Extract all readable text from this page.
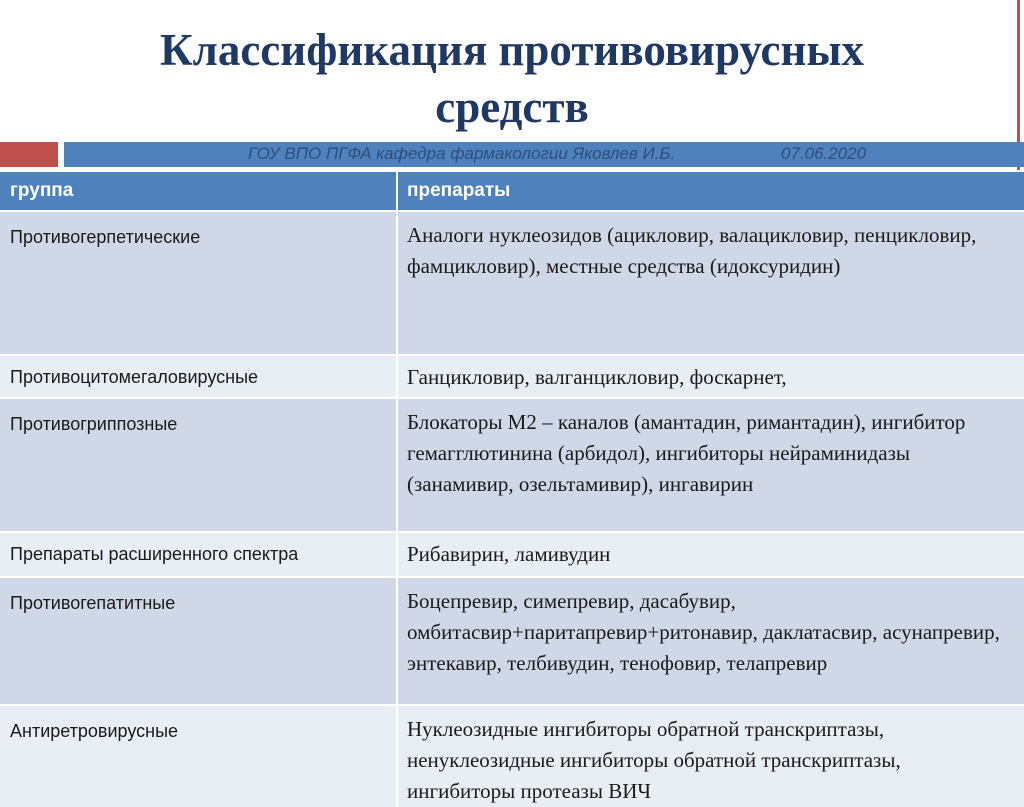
Классификация противовирусных
средств
ГОУ ВПО ПГФА кафедра фармакологии Яковлев И.Б.	07.06.2020
группа	препараты
Противогерпетические	Аналоги нуклеозидов (ацикловир, валацикловир, пенцикловир, фамцикловир), местные средства (идоксуридин)
Противоцитомегаловирусные	Ганцикловир, валганцикловир, фоскарнет,
Противогриппозные	Блокаторы М2 – каналов (амантадин, римантадин), ингибитор гемагглютинина (арбидол), ингибиторы нейраминидазы (занамивир, озельтамивир), ингавирин
Препараты расширенного спектра	Рибавирин, ламивудин
Противогепатитные	Боцепревир, симепревир, дасабувир, омбитасвир+паритапревир+ритонавир, даклатасвир, асунапревир, энтекавир, телбивудин, тенофовир, телапревир
Антиретровирусные	Нуклеозидные ингибиторы обратной транскриптазы, ненуклеозидные ингибиторы обратной транскриптазы, ингибиторы протеазы ВИЧ
